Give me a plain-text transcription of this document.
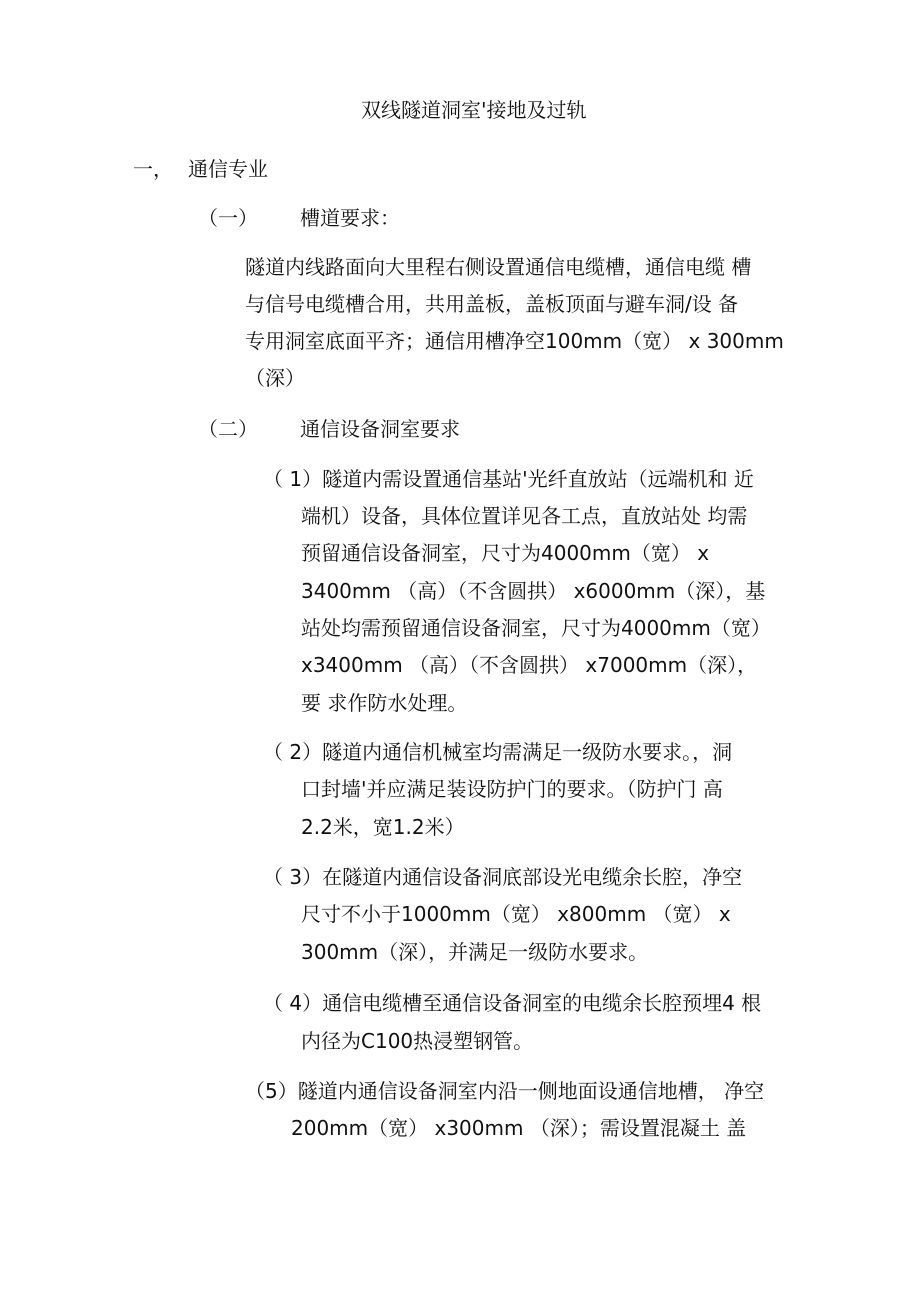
双线隧道洞室'接地及过轨
一， 通信专业
（一） 槽道要求：
隧道内线路面向大里程右侧设置通信电缆槽，通信电缆 槽
与信号电缆槽合用，共用盖板，盖板顶面与避车洞/设 备
专用洞室底面平齐；通信用槽净空100mm（宽） x 300mm
（深）
（二） 通信设备洞室要求
（ 1）隧道内需设置通信基站'光纤直放站（远端机和 近
端机）设备，具体位置详见各工点，直放站处 均需
预留通信设备洞室，尺寸为4000mm（宽） x
3400mm （高）（不含圆拱） x6000mm（深），基
站处均需预留通信设备洞室，尺寸为4000mm（宽）
x3400mm （高）（不含圆拱） x7000mm（深），
要 求作防水处理。
（ 2）隧道内通信机械室均需满足一级防水要求。，洞
口封墙'并应满足装设防护门的要求。（防护门 高
2.2米，宽1.2米）
（ 3）在隧道内通信设备洞底部设光电缆余长腔，净空
尺寸不小于1000mm（宽） x800mm （宽） x
300mm（深），并满足一级防水要求。
（ 4）通信电缆槽至通信设备洞室的电缆余长腔预埋4 根
内径为C100热浸塑钢管。
（5）隧道内通信设备洞室内沿一侧地面设通信地槽， 净空
200mm（宽） x300mm （深）；需设置混凝土 盖
